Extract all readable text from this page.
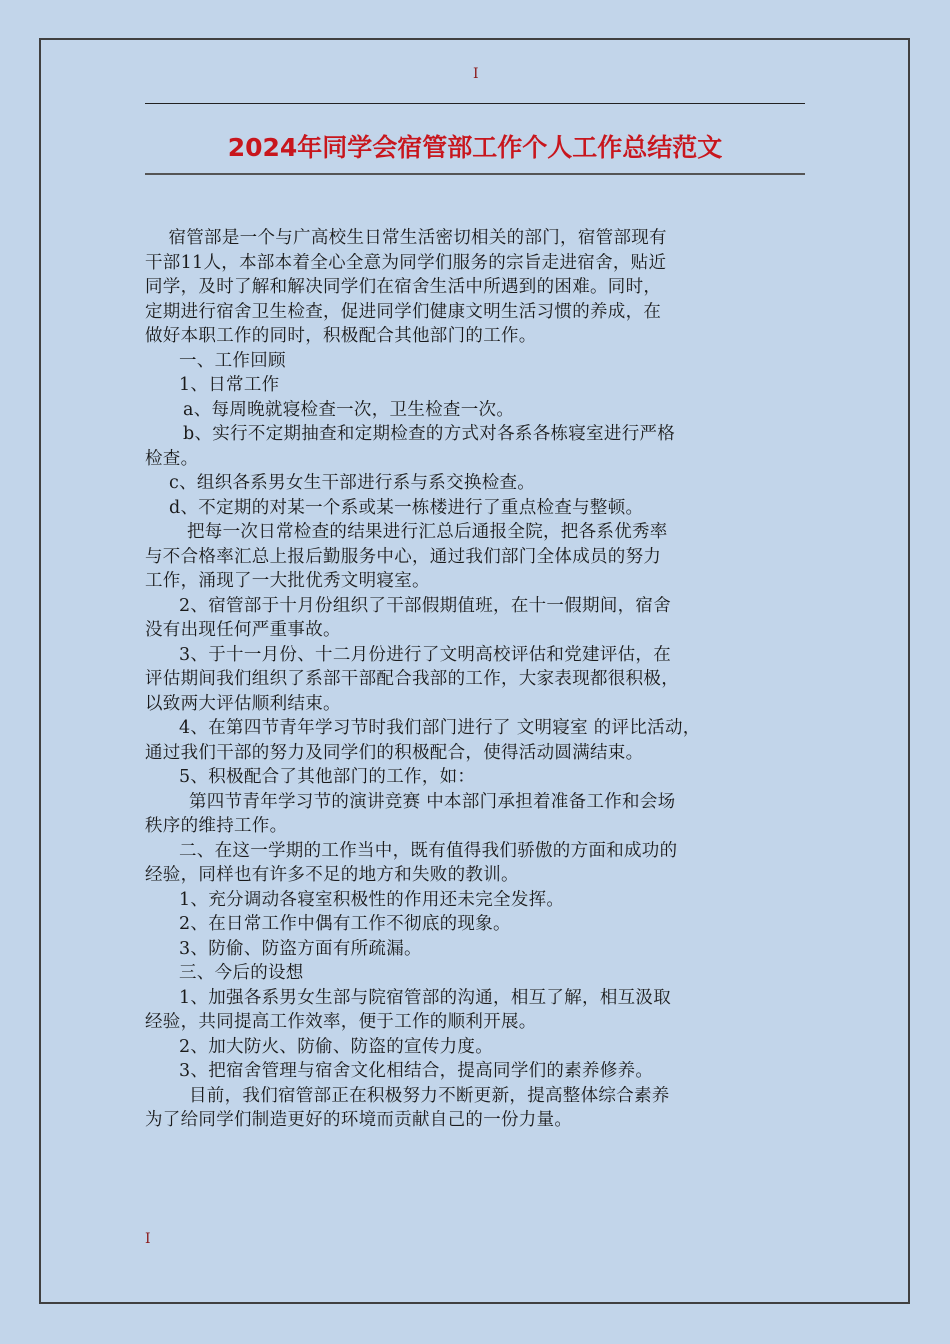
I
2024年同学会宿管部工作个人工作总结范文

宿管部是一个与广高校生日常生活密切相关的部门，宿管部现有

干部11人，本部本着全心全意为同学们服务的宗旨走进宿舍，贴近

同学，及时了解和解决同学们在宿舍生活中所遇到的困难。同时，

定期进行宿舍卫生检查，促进同学们健康文明生活习惯的养成，在

做好本职工作的同时，积极配合其他部门的工作。

一、工作回顾

1、日常工作

a、每周晚就寝检查一次，卫生检查一次。

b、实行不定期抽查和定期检查的方式对各系各栋寝室进行严格

检查。

c、组织各系男女生干部进行系与系交换检查。

d、不定期的对某一个系或某一栋楼进行了重点检查与整顿。

把每一次日常检查的结果进行汇总后通报全院，把各系优秀率

与不合格率汇总上报后勤服务中心，通过我们部门全体成员的努力

工作，涌现了一大批优秀文明寝室。

2、宿管部于十月份组织了干部假期值班，在十一假期间，宿舍

没有出现任何严重事故。

3、于十一月份、十二月份进行了文明高校评估和党建评估，在

评估期间我们组织了系部干部配合我部的工作，大家表现都很积极，

以致两大评估顺利结束。

4、在第四节青年学习节时我们部门进行了 文明寝室 的评比活动，

通过我们干部的努力及同学们的积极配合，使得活动圆满结束。

5、积极配合了其他部门的工作，如：

第四节青年学习节的演讲竞赛 中本部门承担着准备工作和会场

秩序的维持工作。

二、在这一学期的工作当中，既有值得我们骄傲的方面和成功的

经验，同样也有许多不足的地方和失败的教训。

1、充分调动各寝室积极性的作用还未完全发挥。

2、在日常工作中偶有工作不彻底的现象。

3、防偷、防盗方面有所疏漏。

三、今后的设想

1、加强各系男女生部与院宿管部的沟通，相互了解，相互汲取

经验，共同提高工作效率，便于工作的顺利开展。

2、加大防火、防偷、防盗的宣传力度。

3、把宿舍管理与宿舍文化相结合，提高同学们的素养修养。

目前，我们宿管部正在积极努力不断更新，提高整体综合素养

为了给同学们制造更好的环境而贡献自己的一份力量。

I
